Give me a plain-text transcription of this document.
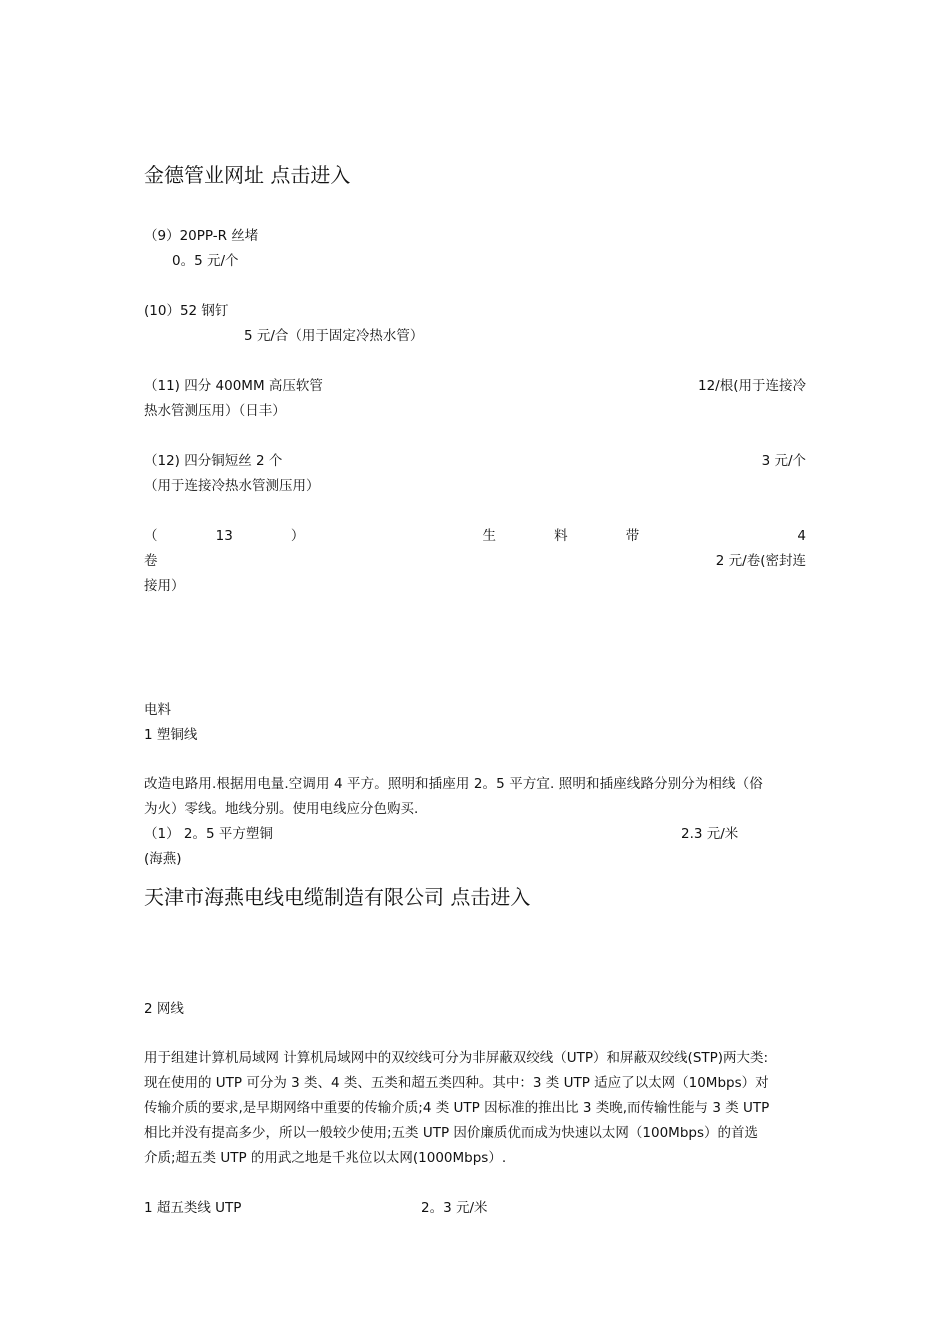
金德管业网址 点击进入
（9）20PP-R 丝堵
0。5 元/个
(10）52 钢钉
5 元/合（用于固定冷热水管）
（11) 四分 400MM 高压软管	12/根(用于连接冷
热水管测压用）（日丰）
（12) 四分铜短丝 2 个	3 元/个
（用于连接冷热水管测压用）
（	13	）	生	料	带	4
卷	2 元/卷(密封连
接用）
电料
1 塑铜线
改造电路用.根据用电量.空调用 4 平方。照明和插座用 2。5 平方宜. 照明和插座线路分别分为相线（俗
为火）零线。地线分别。使用电线应分色购买.
（1） 2。5 平方塑铜	2.3 元/米
(海燕)
天津市海燕电线电缆制造有限公司 点击进入
2 网线
用于组建计算机局域网 计算机局域网中的双绞线可分为非屏蔽双绞线（UTP）和屏蔽双绞线(STP)两大类:
现在使用的 UTP 可分为 3 类、4 类、五类和超五类四种。其中：3 类 UTP 适应了以太网（10Mbps）对
传输介质的要求,是早期网络中重要的传输介质;4 类 UTP 因标准的推出比 3 类晚,而传输性能与 3 类 UTP
相比并没有提高多少，所以一般较少使用;五类 UTP 因价廉质优而成为快速以太网（100Mbps）的首选
介质;超五类 UTP 的用武之地是千兆位以太网(1000Mbps）.
1 超五类线 UTP	2。3 元/米
